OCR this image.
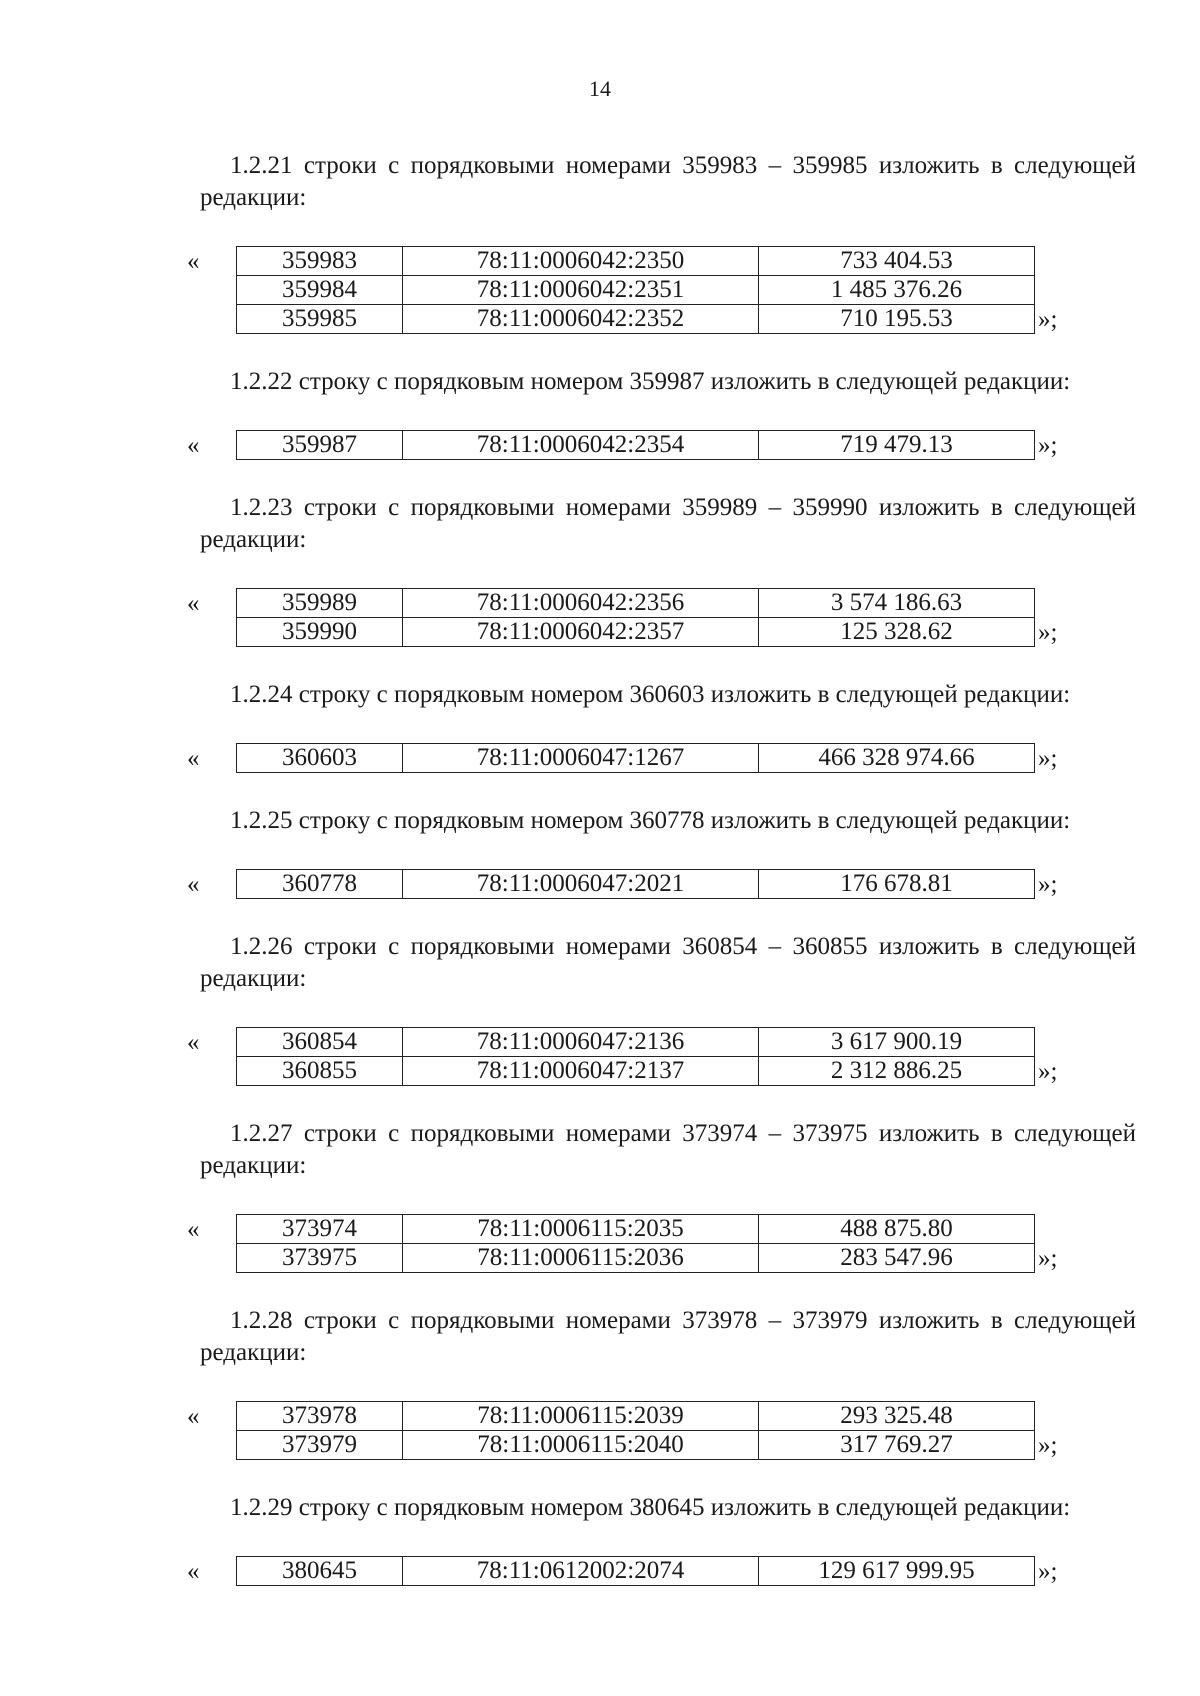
14

1.2.21 строки с порядковыми номерами 359983 – 359985 изложить в следующей редакции:

«	359983	78:11:0006042:2350	733 404.53
359984	78:11:0006042:2351	1 485 376.26
359985	78:11:0006042:2352	710 195.53	»;

1.2.22 строку с порядковым номером 359987 изложить в следующей редакции:

«	359987	78:11:0006042:2354	719 479.13	»;

1.2.23 строки с порядковыми номерами 359989 – 359990 изложить в следующей редакции:

«	359989	78:11:0006042:2356	3 574 186.63
359990	78:11:0006042:2357	125 328.62	»;

1.2.24 строку с порядковым номером 360603 изложить в следующей редакции:

«	360603	78:11:0006047:1267	466 328 974.66	»;

1.2.25 строку с порядковым номером 360778 изложить в следующей редакции:

«	360778	78:11:0006047:2021	176 678.81	»;

1.2.26 строки с порядковыми номерами 360854 – 360855 изложить в следующей редакции:

«	360854	78:11:0006047:2136	3 617 900.19
360855	78:11:0006047:2137	2 312 886.25	»;

1.2.27 строки с порядковыми номерами 373974 – 373975 изложить в следующей редакции:

«	373974	78:11:0006115:2035	488 875.80
373975	78:11:0006115:2036	283 547.96	»;

1.2.28 строки с порядковыми номерами 373978 – 373979 изложить в следующей редакции:

«	373978	78:11:0006115:2039	293 325.48
373979	78:11:0006115:2040	317 769.27	»;

1.2.29 строку с порядковым номером 380645 изложить в следующей редакции:

«	380645	78:11:0612002:2074	129 617 999.95	»;
